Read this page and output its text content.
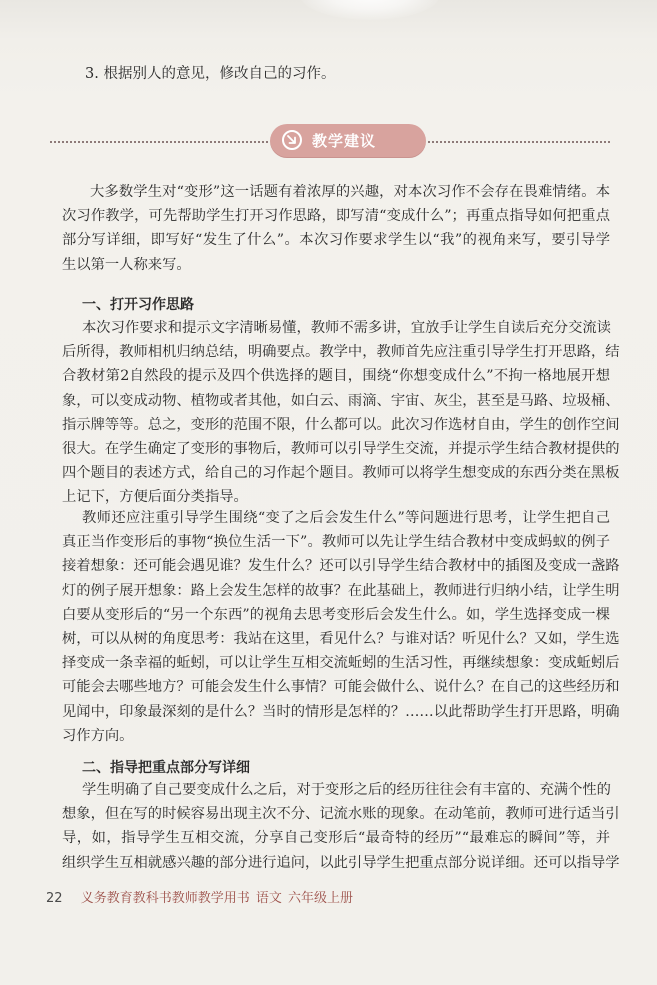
3. 根据别人的意见，修改自己的习作。
教学建议
大多数学生对“变形”这一话题有着浓厚的兴趣，对本次习作不会存在畏难情绪。本
次习作教学，可先帮助学生打开习作思路，即写清“变成什么”；再重点指导如何把重点
部分写详细，即写好“发生了什么”。本次习作要求学生以“我”的视角来写，要引导学
生以第一人称来写。
一、打开习作思路
本次习作要求和提示文字清晰易懂，教师不需多讲，宜放手让学生自读后充分交流读
后所得，教师相机归纳总结，明确要点。教学中，教师首先应注重引导学生打开思路，结
合教材第2自然段的提示及四个供选择的题目，围绕“你想变成什么”不拘一格地展开想
象，可以变成动物、植物或者其他，如白云、雨滴、宇宙、灰尘，甚至是马路、垃圾桶、
指示牌等等。总之，变形的范围不限，什么都可以。此次习作选材自由，学生的创作空间
很大。在学生确定了变形的事物后，教师可以引导学生交流，并提示学生结合教材提供的
四个题目的表述方式，给自己的习作起个题目。教师可以将学生想变成的东西分类在黑板
上记下，方便后面分类指导。
教师还应注重引导学生围绕“变了之后会发生什么”等问题进行思考，让学生把自己
真正当作变形后的事物“换位生活一下”。教师可以先让学生结合教材中变成蚂蚁的例子
接着想象：还可能会遇见谁？发生什么？还可以引导学生结合教材中的插图及变成一盏路
灯的例子展开想象：路上会发生怎样的故事？在此基础上，教师进行归纳小结，让学生明
白要从变形后的“另一个东西”的视角去思考变形后会发生什么。如，学生选择变成一棵
树，可以从树的角度思考：我站在这里，看见什么？与谁对话？听见什么？又如，学生选
择变成一条幸福的蚯蚓，可以让学生互相交流蚯蚓的生活习性，再继续想象：变成蚯蚓后
可能会去哪些地方？可能会发生什么事情？可能会做什么、说什么？在自己的这些经历和
见闻中，印象最深刻的是什么？当时的情形是怎样的？……以此帮助学生打开思路，明确
习作方向。
二、指导把重点部分写详细
学生明确了自己要变成什么之后，对于变形之后的经历往往会有丰富的、充满个性的
想象，但在写的时候容易出现主次不分、记流水账的现象。在动笔前，教师可进行适当引
导，如，指导学生互相交流，分享自己变形后“最奇特的经历”“最难忘的瞬间”等，并
组织学生互相就感兴趣的部分进行追问，以此引导学生把重点部分说详细。还可以指导学
22 义务教育教科书教师教学用书 语文 六年级上册
